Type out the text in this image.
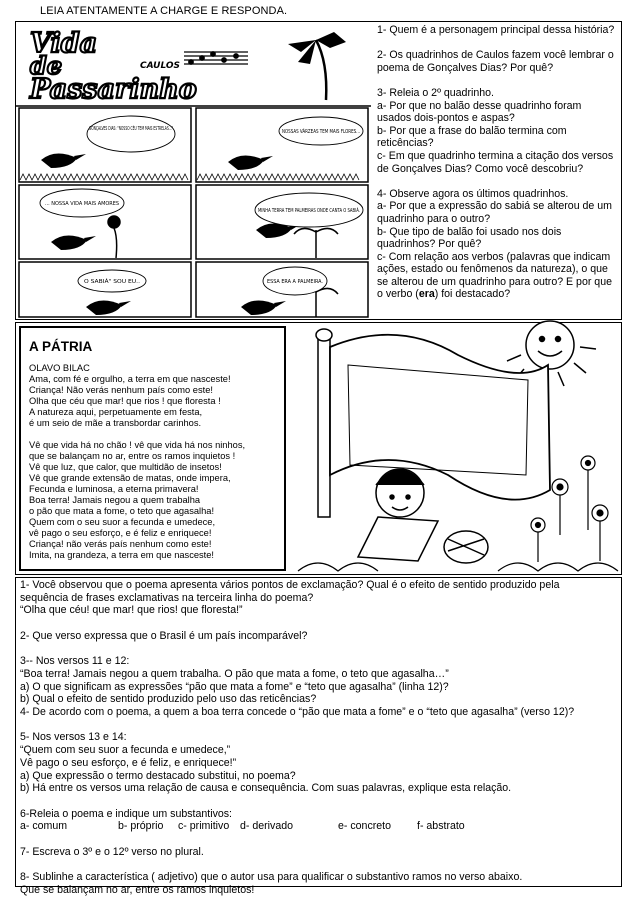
LEIA ATENTAMENTE A CHARGE E RESPONDA.
Vida
de
Passarinho
CAULOS
GONÇALVES DIAS: "NOSSO CÉU TEM MAIS ESTRELAS..."	NOSSAS VÁRZEAS TEM MAIS FLORES...
... NOSSA VIDA MAIS AMORES
MINHA TERRA TEM PALMEIRAS ONDE CANTA O SABIÁ.
O SABIÁ" SOU EU..	ESSA ERA A PALMEIRA.

1- Quem é a personagem principal dessa história?

2- Os quadrinhos de Caulos fazem você lembrar o poema de Gonçalves Dias? Por quê?

3- Releia o 2º quadrinho.

a- Por que no balão desse quadrinho foram usados dois-pontos e aspas?

b- Por que a frase do balão termina com reticências?

c- Em que quadrinho termina a citação dos versos de Gonçalves Dias? Como você descobriu?

4- Observe agora os últimos quadrinhos.

a- Por que a expressão do sabiá se alterou de um quadrinho para o outro?

b- Que tipo de balão foi usado nos dois quadrinhos? Por quê?

c- Com relação aos verbos (palavras que indicam ações, estado ou fenômenos da natureza), o que se alterou de um quadrinho para outro? E por que o verbo (era) foi destacado?

A PÁTRIA
OLAVO BILAC
Ama, com fé e orgulho, a terra em que nasceste!
Criança! Não verás nenhum país como este!
Olha que céu que mar! que rios ! que floresta !
A natureza aqui, perpetuamente em festa,
é um seio de mãe a transbordar carinhos.
Vê que vida há no chão ! vê que vida há nos ninhos,
que se balançam no ar, entre os ramos inquietos !
Vê que luz, que calor, que multidão de insetos!
Vê que grande extensão de matas, onde impera,
Fecunda e luminosa, a eterna primavera!
Boa terra! Jamais negou a quem trabalha
o pão que mata a fome, o teto que agasalha!
Quem com o seu suor a fecunda e umedece,
vê pago o seu esforço, e é feliz e enriquece!
Criança! não verás país nenhum como este!
Imita, na grandeza, a terra em que nasceste!
1- Você observou que o poema apresenta vários pontos de exclamação? Qual é o efeito de sentido produzido pela
sequência de frases exclamativas na terceira linha do poema?
“Olha que céu! que mar! que rios! que floresta!”
2- Que verso expressa que o Brasil é um país incomparável?
3-- Nos versos 11 e 12:
“Boa terra! Jamais negou a quem trabalha. O pão que mata a fome, o teto que agasalha…”
a) O que significam as expressões “pão que mata a fome” e “teto que agasalha” (linha 12)?
b) Qual o efeito de sentido produzido pelo uso das reticências?
4- De acordo com o poema, a quem a boa terra concede o “pão que mata a fome” e o “teto que agasalha” (verso 12)?
5- Nos versos 13 e 14:
“Quem com seu suor a fecunda e umedece,”
Vê pago o seu esforço, e é feliz, e enriquece!”
a) Que expressão o termo destacado substitui, no poema?
b) Há entre os versos uma relação de causa e consequência. Com suas palavras, explique esta relação.
6-Releia o poema e indique um substantivos:
a- comum	b- próprio	c- primitivo	d- derivado	e- concreto	f- abstrato
7- Escreva o 3º e o 12º verso no plural.
8- Sublinhe a característica ( adjetivo) que o autor usa para qualificar o substantivo ramos no verso abaixo.
Que se balançam no ar, entre os ramos inquietos!
